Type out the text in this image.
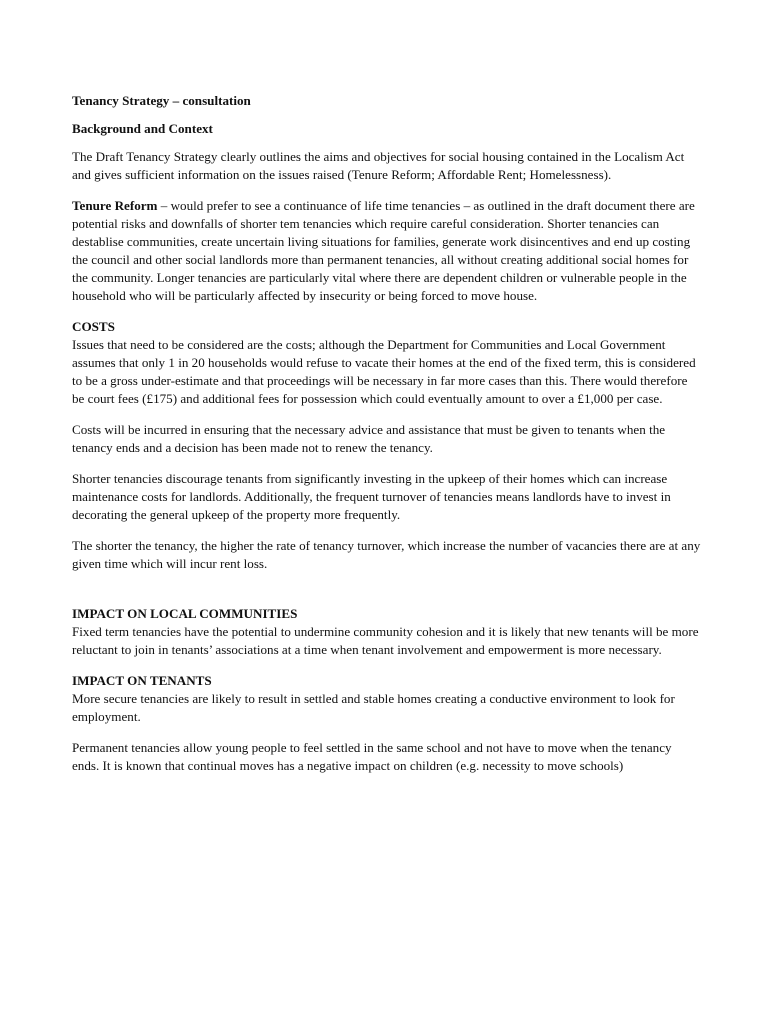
Tenancy Strategy – consultation

Background and Context

The Draft Tenancy Strategy clearly outlines the aims and objectives for social housing contained in the Localism Act and gives sufficient information on the issues raised (Tenure Reform; Affordable Rent; Homelessness).

Tenure Reform – would prefer to see a continuance of life time tenancies – as outlined in the draft document there are potential risks and downfalls of shorter tem tenancies which require careful consideration. Shorter tenancies can destablise communities, create uncertain living situations for families, generate work disincentives and end up costing the council and other social landlords more than permanent tenancies, all without creating additional social homes for the community. Longer tenancies are particularly vital where there are dependent children or vulnerable people in the household who will be particularly affected by insecurity or being forced to move house.

COSTS

Issues that need to be considered are the costs; although the Department for Communities and Local Government assumes that only 1 in 20 households would refuse to vacate their homes at the end of the fixed term, this is considered to be a gross under-estimate and that proceedings will be necessary in far more cases than this. There would therefore be court fees (£175) and additional fees for possession which could eventually amount to over a £1,000 per case.

Costs will be incurred in ensuring that the necessary advice and assistance that must be given to tenants when the tenancy ends and a decision has been made not to renew the tenancy.

Shorter tenancies discourage tenants from significantly investing in the upkeep of their homes which can increase maintenance costs for landlords. Additionally, the frequent turnover of tenancies means landlords have to invest in decorating the general upkeep of the property more frequently.

The shorter the tenancy, the higher the rate of tenancy turnover, which increase the number of vacancies there are at any given time which will incur rent loss.

IMPACT ON LOCAL COMMUNITIES

Fixed term tenancies have the potential to undermine community cohesion and it is likely that new tenants will be more reluctant to join in tenants’ associations at a time when tenant involvement and empowerment is more necessary.

IMPACT ON TENANTS

More secure tenancies are likely to result in settled and stable homes creating a conductive environment to look for employment.

Permanent tenancies allow young people to feel settled in the same school and not have to move when the tenancy ends. It is known that continual moves has a negative impact on children (e.g. necessity to move schools)
